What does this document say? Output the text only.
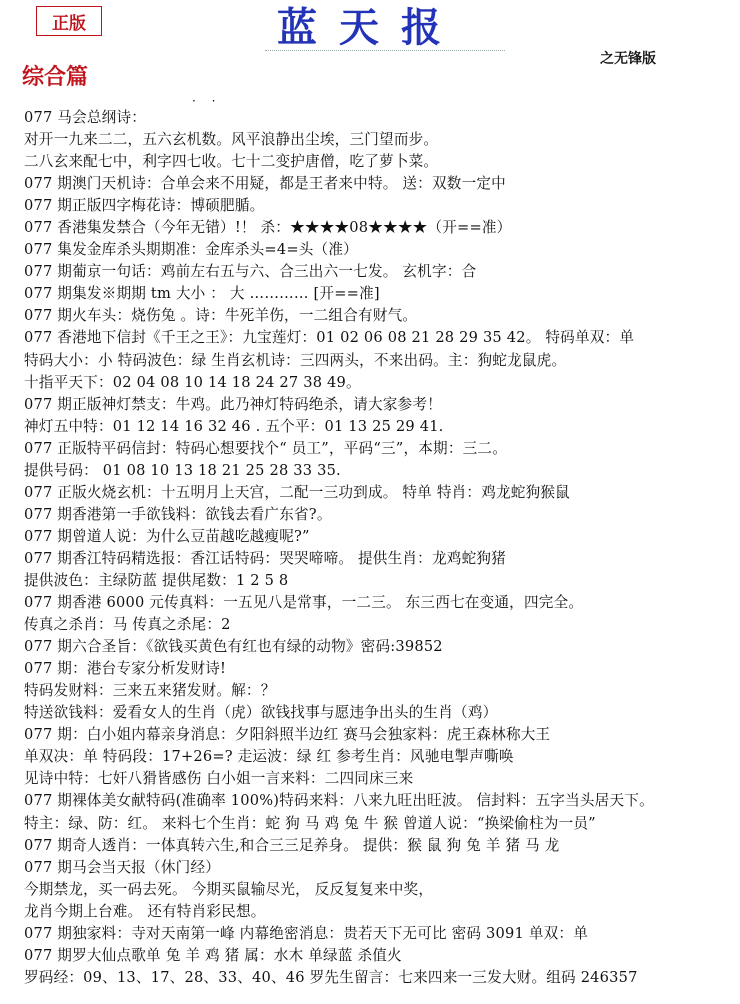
正版	蓝天报
之无锋版
综合篇
· ·
077 马会总纲诗：
对开一九来二二，五六玄机数。风平浪静出尘埃，三门望而步。
二八玄来配七中，利字四七收。七十二变护唐僧，吃了萝卜菜。
077 期澳门天机诗：合单会来不用疑，都是王者来中特。 送：双数一定中
077 期正版四字梅花诗：博硕肥腯。
077 香港集发禁合（今年无错）!！ 杀：★★★★08★★★★（开==准）
077 集发金库杀头期期准：金库杀头=4=头（准）
077 期葡京一句话：鸡前左右五与六、合三出六一七发。 玄机字：合
077 期集发※期期 tm 大小 ： 大 ………… [开==准]
077 期火车头：烧伤兔 。诗：牛死羊伤，一二组合有财气。
077 香港地下信封《千王之王》：九宝莲灯：01 02 06 08 21 28 29 35 42。 特码单双：单
特码大小：小 特码波色：绿 生肖玄机诗：三四两头，不来出码。主：狗蛇龙鼠虎。
十指平天下：02 04 08 10 14 18 24 27 38 49。
077 期正版神灯禁支：牛鸡。此乃神灯特码绝杀，请大家参考！
神灯五中特：01 12 14 16 32 46 . 五个平：01 13 25 29 41.
077 正版特平码信封：特码心想要找个“ 员工”，平码“三”，本期：三二。
提供号码： 01 08 10 13 18 21 25 28 33 35.
077 正版火烧玄机：十五明月上天宫，二配一三功到成。 特单 特肖：鸡龙蛇狗猴鼠
077 期香港第一手欲钱料：欲钱去看广东省?。
077 期曾道人说：为什么豆苗越吃越瘦呢?”
077 期香江特码精选报：香江话特码：哭哭啼啼。 提供生肖：龙鸡蛇狗猪
提供波色：主绿防蓝 提供尾数：1 2 5 8
077 期香港 6000 元传真料：一五见八是常事，一二三。 东三西七在变通，四完全。
传真之杀肖：马 传真之杀尾：2
077 期六合圣旨：《欲钱买黄色有红也有绿的动物》密码:39852
077 期：港台专家分析发财诗!
特码发财料：三来五来猪发财。解：？
特送欲钱料：爱看女人的生肖（虎）欲钱找事与愿违争出头的生肖（鸡）
077 期：白小姐内幕亲身消息：夕阳斜照半边红 赛马会独家料：虎王森林称大王
单双决：单 特码段：17+26=? 走运波：绿 红 参考生肖：风驰电掣声嘶唤
见诗中特：七奸八猾皆感伤 白小姐一言来料：二四同床三来
077 期裸体美女献特码(准确率 100%)特码来料：八来九旺出旺波。 信封料：五字当头居天下。
特主：绿、防：红。 来料七个生肖：蛇 狗 马 鸡 兔 牛 猴 曾道人说：“换梁偷柱为一员”
077 期奇人透肖：一体真转六生,和合三三足养身。 提供：猴 鼠 狗 兔 羊 猪 马 龙
077 期马会当天报（休门经）
今期禁龙，买一码去死。 今期买鼠输尽光， 反反复复来中奖，
龙肖今期上台难。 还有特肖彩民想。
077 期独家料：寺对天南第一峰 内幕绝密消息：贵若天下无可比 密码 3091 单双：单
077 期罗大仙点歌单 兔 羊 鸡 猪 属：水木 单绿蓝 杀值火
罗码经：09、13、17、28、33、40、46 罗先生留言：七来四来一三发大财。组码 246357
